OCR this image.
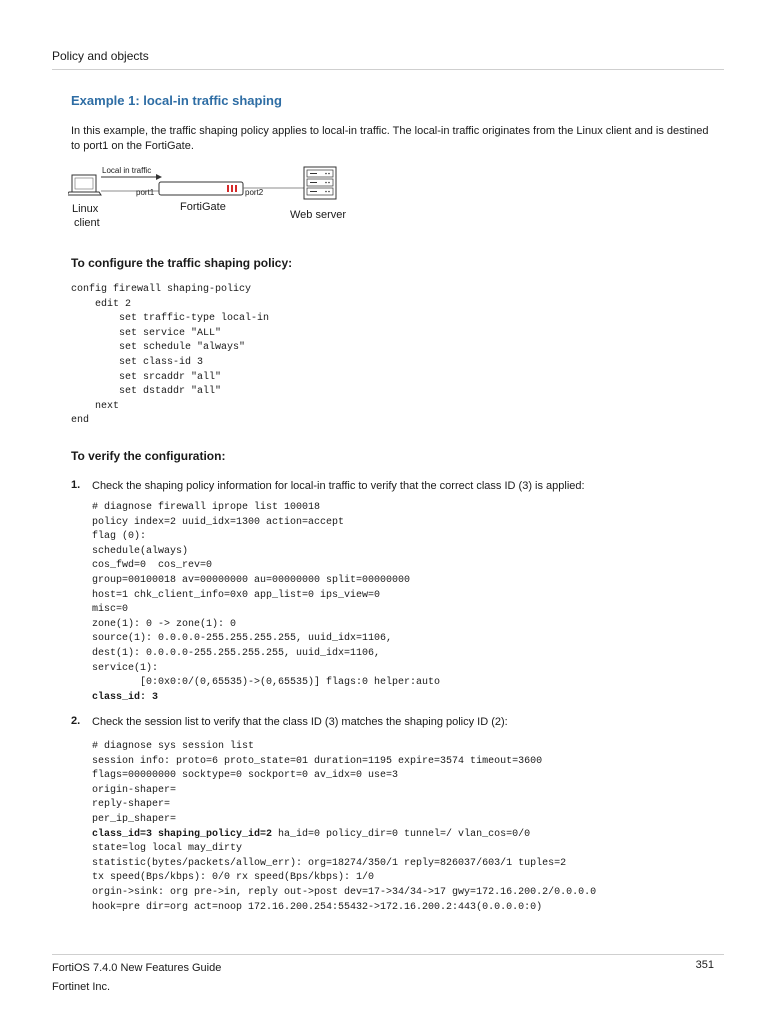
Policy and objects
Example 1: local-in traffic shaping
In this example, the traffic shaping policy applies to local-in traffic. The local-in traffic originates from the Linux client and is destined to port1 on the FortiGate.
Linux
client
Local in traffic
port1
FortiGate
port2
Web server
To configure the traffic shaping policy:
config firewall shaping-policy
edit 2
set traffic-type local-in
set service "ALL"
set schedule "always"
set class-id 3
set srcaddr "all"
set dstaddr "all"
next
end
To verify the configuration:
1. Check the shaping policy information for local-in traffic to verify that the correct class ID (3) is applied:
# diagnose firewall iprope list 100018
policy index=2 uuid_idx=1300 action=accept
flag (0):
schedule(always)
cos_fwd=0  cos_rev=0
group=00100018 av=00000000 au=00000000 split=00000000
host=1 chk_client_info=0x0 app_list=0 ips_view=0
misc=0
zone(1): 0 -> zone(1): 0
source(1): 0.0.0.0-255.255.255.255, uuid_idx=1106,
dest(1): 0.0.0.0-255.255.255.255, uuid_idx=1106,
service(1):
[0:0x0:0/(0,65535)->(0,65535)] flags:0 helper:auto
class_id: 3
2. Check the session list to verify that the class ID (3) matches the shaping policy ID (2):
# diagnose sys session list
session info: proto=6 proto_state=01 duration=1195 expire=3574 timeout=3600
flags=00000000 socktype=0 sockport=0 av_idx=0 use=3
origin-shaper=
reply-shaper=
per_ip_shaper=
class_id=3 shaping_policy_id=2 ha_id=0 policy_dir=0 tunnel=/ vlan_cos=0/0
state=log local may_dirty
statistic(bytes/packets/allow_err): org=18274/350/1 reply=826037/603/1 tuples=2
tx speed(Bps/kbps): 0/0 rx speed(Bps/kbps): 1/0
orgin->sink: org pre->in, reply out->post dev=17->34/34->17 gwy=172.16.200.2/0.0.0.0
hook=pre dir=org act=noop 172.16.200.254:55432->172.16.200.2:443(0.0.0.0:0)
FortiOS 7.4.0 New Features Guide
Fortinet Inc.
351
